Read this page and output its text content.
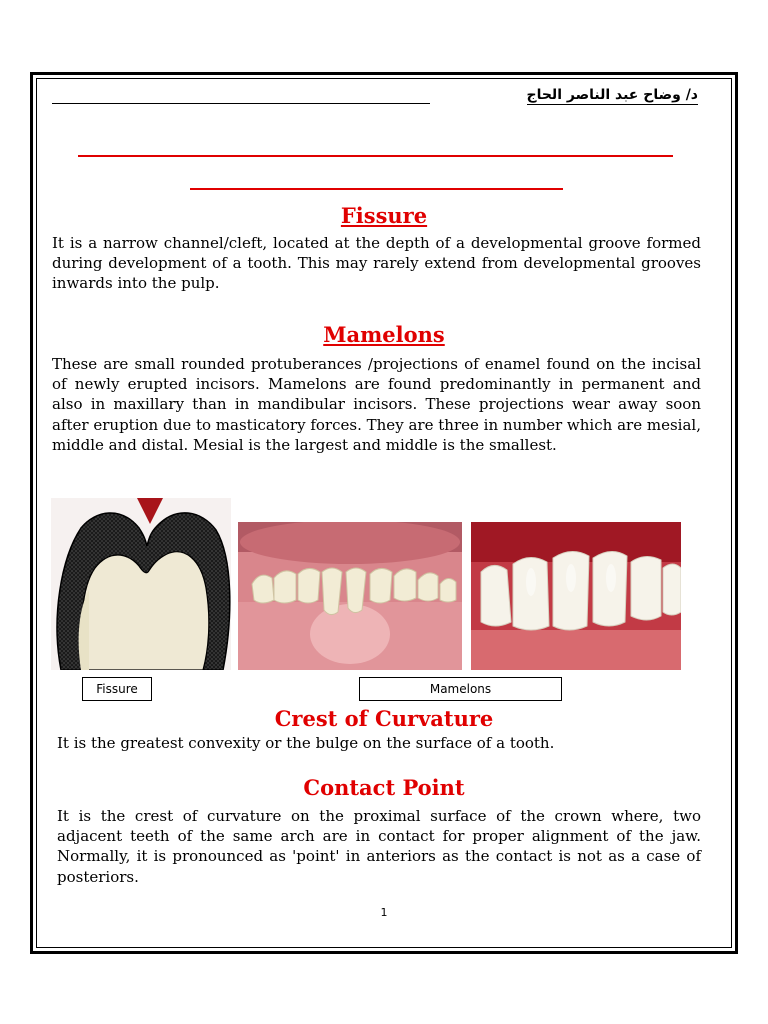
د/ وضاح عبد الناصر الحاج
Fissure

It is a narrow channel/cleft, located at the depth of a developmental groove formed during development of a tooth. This may rarely extend from developmental grooves inwards into the pulp.

Mamelons

These are small rounded protuberances /projections of enamel found on the incisal of newly erupted incisors. Mamelons are found predominantly in permanent and also in maxillary than in mandibular incisors. These projections wear away soon after eruption due to masticatory forces. They are three in number which are mesial, middle and distal. Mesial is the largest and middle is the smallest.

Fissure	Mamelons
Crest of Curvature

It is the greatest convexity or the bulge on the surface of a tooth.

Contact Point

It is the crest of curvature on the proximal surface of the crown where, two adjacent teeth of the same arch are in contact for proper alignment of the jaw. Normally, it is pronounced as 'point' in anteriors as the contact is not as a case of posteriors.

1
